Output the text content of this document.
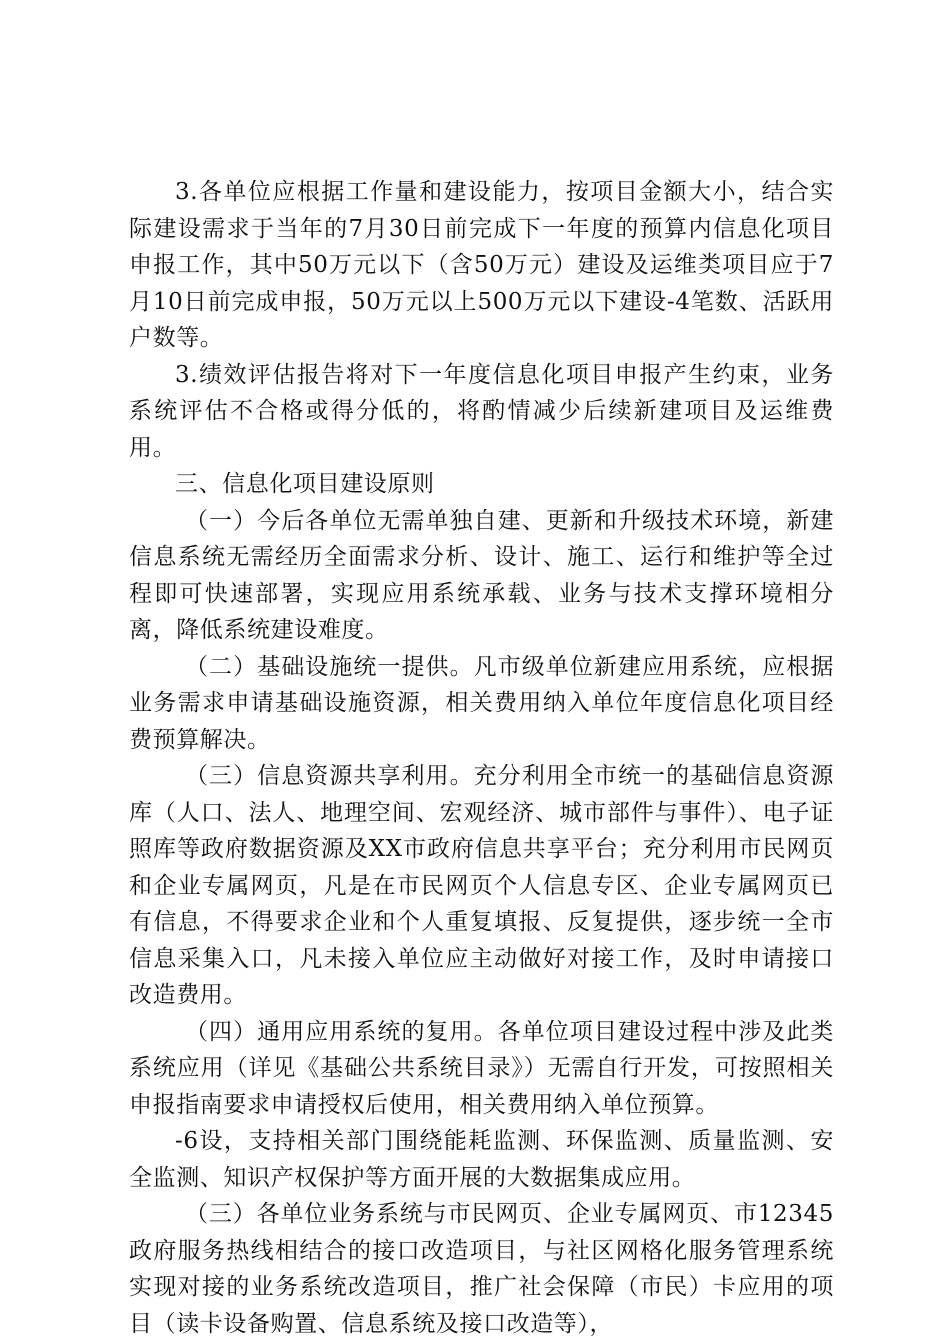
3.各单位应根据工作量和建设能力，按项目金额大小，结合实际建设需求于当年的7月30日前完成下一年度的预算内信息化项目申报工作，其中50万元以下（含50万元）建设及运维类项目应于7月10日前完成申报，50万元以上500万元以下建设-4笔数、活跃用户数等。

3.绩效评估报告将对下一年度信息化项目申报产生约束，业务系统评估不合格或得分低的，将酌情减少后续新建项目及运维费用。

三、信息化项目建设原则

（一）今后各单位无需单独自建、更新和升级技术环境，新建信息系统无需经历全面需求分析、设计、施工、运行和维护等全过程即可快速部署，实现应用系统承载、业务与技术支撑环境相分离，降低系统建设难度。

（二）基础设施统一提供。凡市级单位新建应用系统，应根据业务需求申请基础设施资源，相关费用纳入单位年度信息化项目经费预算解决。

（三）信息资源共享利用。充分利用全市统一的基础信息资源库（人口、法人、地理空间、宏观经济、城市部件与事件）、电子证照库等政府数据资源及XX市政府信息共享平台；充分利用市民网页和企业专属网页，凡是在市民网页个人信息专区、企业专属网页已有信息，不得要求企业和个人重复填报、反复提供，逐步统一全市信息采集入口，凡未接入单位应主动做好对接工作，及时申请接口改造费用。

（四）通用应用系统的复用。各单位项目建设过程中涉及此类系统应用（详见《基础公共系统目录》）无需自行开发，可按照相关申报指南要求申请授权后使用，相关费用纳入单位预算。

-6设，支持相关部门围绕能耗监测、环保监测、质量监测、安全监测、知识产权保护等方面开展的大数据集成应用。

（三）各单位业务系统与市民网页、企业专属网页、市12345政府服务热线相结合的接口改造项目，与社区网格化服务管理系统实现对接的业务系统改造项目，推广社会保障（市民）卡应用的项目（读卡设备购置、信息系统及接口改造等），
